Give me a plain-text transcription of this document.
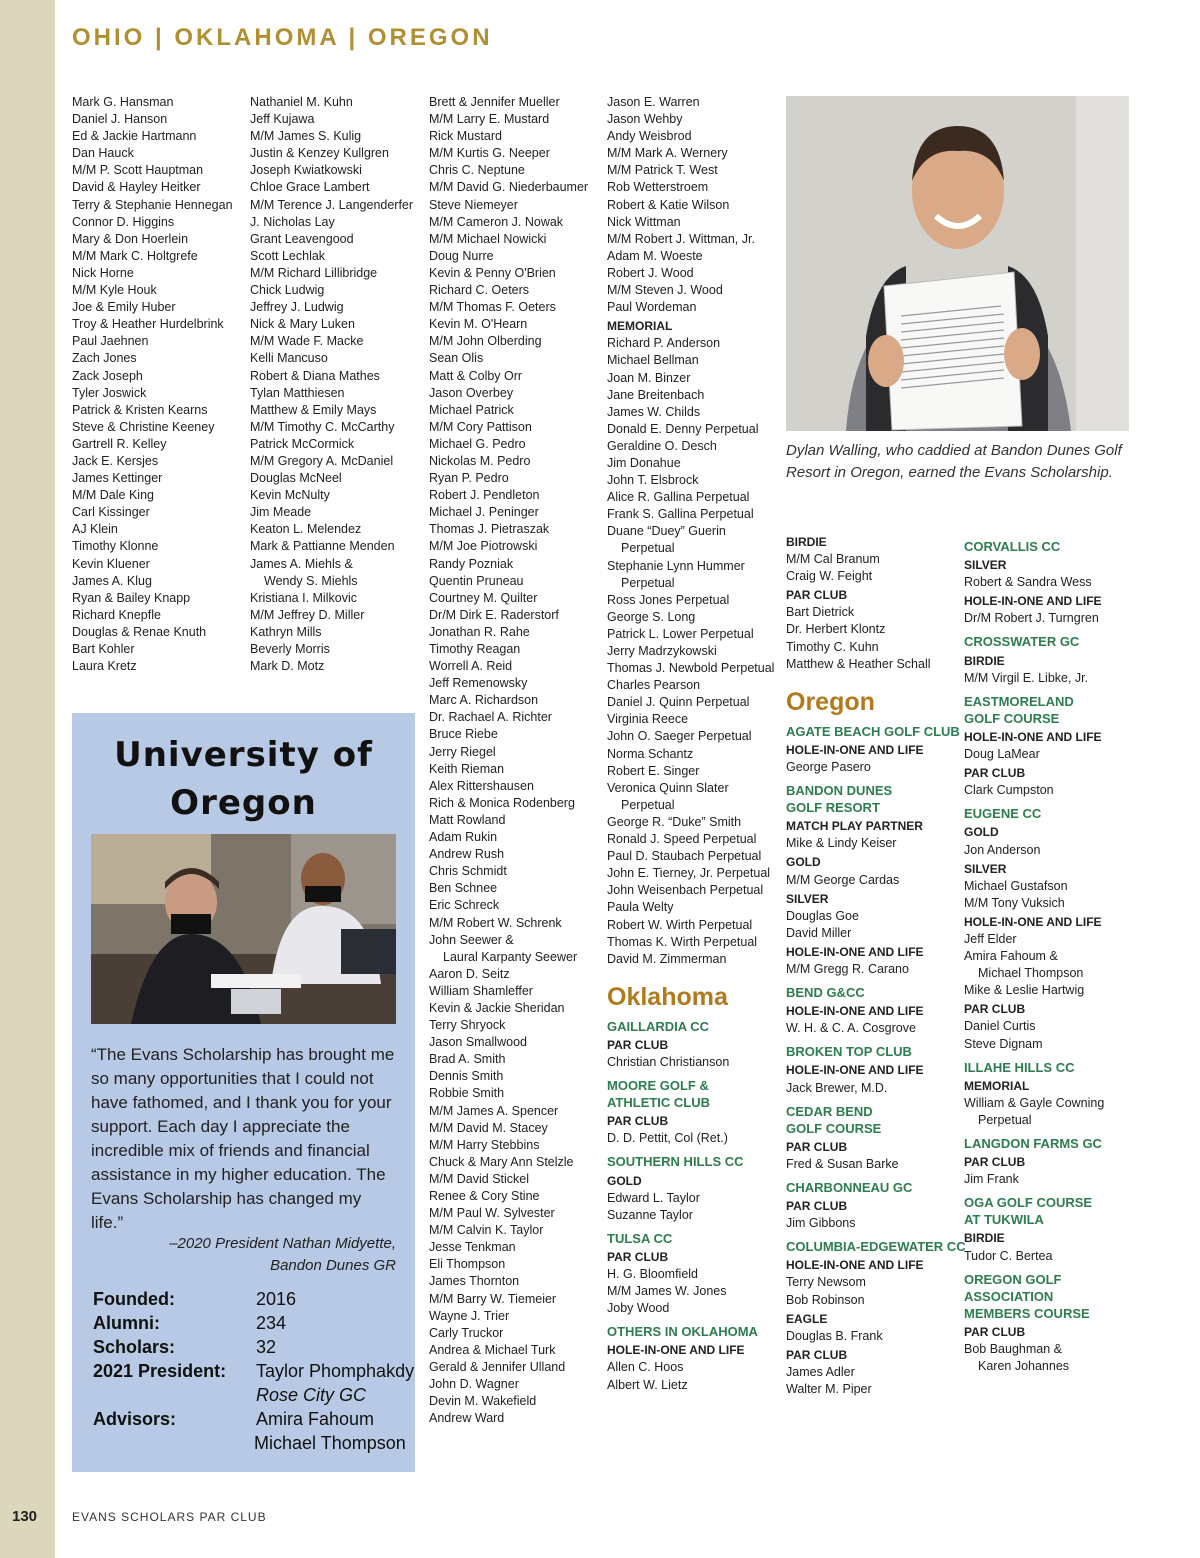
OHIO | OKLAHOMA | OREGON
Mark G. Hansman
Daniel J. Hanson
Ed & Jackie Hartmann
Dan Hauck
M/M P. Scott Hauptman
David & Hayley Heitker
Terry & Stephanie Hennegan
Connor D. Higgins
Mary & Don Hoerlein
M/M Mark C. Holtgrefe
Nick Horne
M/M Kyle Houk
Joe & Emily Huber
Troy & Heather Hurdelbrink
Paul Jaehnen
Zach Jones
Zack Joseph
Tyler Joswick
Patrick & Kristen Kearns
Steve & Christine Keeney
Gartrell R. Kelley
Jack E. Kersjes
James Kettinger
M/M Dale King
Carl Kissinger
AJ Klein
Timothy Klonne
Kevin Kluener
James A. Klug
Ryan & Bailey Knapp
Richard Knepfle
Douglas & Renae Knuth
Bart Kohler
Laura Kretz
Nathaniel M. Kuhn
Jeff Kujawa
M/M James S. Kulig
Justin & Kenzey Kullgren
Joseph Kwiatkowski
Chloe Grace Lambert
M/M Terence J. Langenderfer
J. Nicholas Lay
Grant Leavengood
Scott Lechlak
M/M Richard Lillibridge
Chick Ludwig
Jeffrey J. Ludwig
Nick & Mary Luken
M/M Wade F. Macke
Kelli Mancuso
Robert & Diana Mathes
Tylan Matthiesen
Matthew & Emily Mays
M/M Timothy C. McCarthy
Patrick McCormick
M/M Gregory A. McDaniel
Douglas McNeel
Kevin McNulty
Jim Meade
Keaton L. Melendez
Mark & Pattianne Menden
James A. Miehls &
Wendy S. Miehls
Kristiana I. Milkovic
M/M Jeffrey D. Miller
Kathryn Mills
Beverly Morris
Mark D. Motz
Brett & Jennifer Mueller
M/M Larry E. Mustard
Rick Mustard
M/M Kurtis G. Neeper
Chris C. Neptune
M/M David G. Niederbaumer
Steve Niemeyer
M/M Cameron J. Nowak
M/M Michael Nowicki
Doug Nurre
Kevin & Penny O'Brien
Richard C. Oeters
M/M Thomas F. Oeters
Kevin M. O'Hearn
M/M John Olberding
Sean Olis
Matt & Colby Orr
Jason Overbey
Michael Patrick
M/M Cory Pattison
Michael G. Pedro
Nickolas M. Pedro
Ryan P. Pedro
Robert J. Pendleton
Michael J. Peninger
Thomas J. Pietraszak
M/M Joe Piotrowski
Randy Pozniak
Quentin Pruneau
Courtney M. Quilter
Dr/M Dirk E. Raderstorf
Jonathan R. Rahe
Timothy Reagan
Worrell A. Reid
Jeff Remenowsky
Marc A. Richardson
Dr. Rachael A. Richter
Bruce Riebe
Jerry Riegel
Keith Rieman
Alex Rittershausen
Rich & Monica Rodenberg
Matt Rowland
Adam Rukin
Andrew Rush
Chris Schmidt
Ben Schnee
Eric Schreck
M/M Robert W. Schrenk
John Seewer &
Laural Karpanty Seewer
Aaron D. Seitz
William Shamleffer
Kevin & Jackie Sheridan
Terry Shryock
Jason Smallwood
Brad A. Smith
Dennis Smith
Robbie Smith
M/M James A. Spencer
M/M David M. Stacey
M/M Harry Stebbins
Chuck & Mary Ann Stelzle
M/M David Stickel
Renee & Cory Stine
M/M Paul W. Sylvester
M/M Calvin K. Taylor
Jesse Tenkman
Eli Thompson
James Thornton
M/M Barry W. Tiemeier
Wayne J. Trier
Carly Truckor
Andrea & Michael Turk
Gerald & Jennifer Ulland
John D. Wagner
Devin M. Wakefield
Andrew Ward
Jason E. Warren
Jason Wehby
Andy Weisbrod
M/M Mark A. Wernery
M/M Patrick T. West
Rob Wetterstroem
Robert & Katie Wilson
Nick Wittman
M/M Robert J. Wittman, Jr.
Adam M. Woeste
Robert J. Wood
M/M Steven J. Wood
Paul Wordeman
MEMORIAL
Richard P. Anderson
Michael Bellman
Joan M. Binzer
Jane Breitenbach
James W. Childs
Donald E. Denny Perpetual
Geraldine O. Desch
Jim Donahue
John T. Elsbrock
Alice R. Gallina Perpetual
Frank S. Gallina Perpetual
Duane “Duey” Guerin
Perpetual
Stephanie Lynn Hummer
Perpetual
Ross Jones Perpetual
George S. Long
Patrick L. Lower Perpetual
Jerry Madrzykowski
Thomas J. Newbold Perpetual
Charles Pearson
Daniel J. Quinn Perpetual
Virginia Reece
John O. Saeger Perpetual
Norma Schantz
Robert E. Singer
Veronica Quinn Slater
Perpetual
George R. “Duke” Smith
Ronald J. Speed Perpetual
Paul D. Staubach Perpetual
John E. Tierney, Jr. Perpetual
John Weisenbach Perpetual
Paula Welty
Robert W. Wirth Perpetual
Thomas K. Wirth Perpetual
David M. Zimmerman
Oklahoma
GAILLARDIA CC
PAR CLUB
Christian Christianson
MOORE GOLF &
ATHLETIC CLUB
PAR CLUB
D. D. Pettit, Col (Ret.)
SOUTHERN HILLS CC
GOLD
Edward L. Taylor
Suzanne Taylor
TULSA CC
PAR CLUB
H. G. Bloomfield
M/M James W. Jones
Joby Wood
OTHERS IN OKLAHOMA
HOLE-IN-ONE AND LIFE
Allen C. Hoos
Albert W. Lietz
BIRDIE
M/M Cal Branum
Craig W. Feight
PAR CLUB
Bart Dietrick
Dr. Herbert Klontz
Timothy C. Kuhn
Matthew & Heather Schall
Oregon
AGATE BEACH GOLF CLUB
HOLE-IN-ONE AND LIFE
George Pasero
BANDON DUNES
GOLF RESORT
MATCH PLAY PARTNER
Mike & Lindy Keiser
GOLD
M/M George Cardas
SILVER
Douglas Goe
David Miller
HOLE-IN-ONE AND LIFE
M/M Gregg R. Carano
BEND G&CC
HOLE-IN-ONE AND LIFE
W. H. & C. A. Cosgrove
BROKEN TOP CLUB
HOLE-IN-ONE AND LIFE
Jack Brewer, M.D.
CEDAR BEND
GOLF COURSE
PAR CLUB
Fred & Susan Barke
CHARBONNEAU GC
PAR CLUB
Jim Gibbons
COLUMBIA-EDGEWATER CC
HOLE-IN-ONE AND LIFE
Terry Newsom
Bob Robinson
EAGLE
Douglas B. Frank
PAR CLUB
James Adler
Walter M. Piper
CORVALLIS CC
SILVER
Robert & Sandra Wess
HOLE-IN-ONE AND LIFE
Dr/M Robert J. Turngren
CROSSWATER GC
BIRDIE
M/M Virgil E. Libke, Jr.
EASTMORELAND
GOLF COURSE
HOLE-IN-ONE AND LIFE
Doug LaMear
PAR CLUB
Clark Cumpston
EUGENE CC
GOLD
Jon Anderson
SILVER
Michael Gustafson
M/M Tony Vuksich
HOLE-IN-ONE AND LIFE
Jeff Elder
Amira Fahoum &
Michael Thompson
Mike & Leslie Hartwig
PAR CLUB
Daniel Curtis
Steve Dignam
ILLAHE HILLS CC
MEMORIAL
William & Gayle Cowning
Perpetual
LANGDON FARMS GC
PAR CLUB
Jim Frank
OGA GOLF COURSE
AT TUKWILA
BIRDIE
Tudor C. Bertea
OREGON GOLF
ASSOCIATION
MEMBERS COURSE
PAR CLUB
Bob Baughman &
Karen Johannes
University of
Oregon
“The Evans Scholarship has brought me so many opportunities that I could not have fathomed, and I thank you for your support. Each day I appreciate the incredible mix of friends and financial assistance in my higher education. The Evans Scholarship has changed my life.”
–2020 President Nathan Midyette,
Bandon Dunes GR
Founded:	2016
Alumni:	234
Scholars:	32
2021 President: Taylor Phomphakdy
Rose City GC
Advisors:	Amira Fahoum
Michael Thompson
Dylan Walling, who caddied at Bandon Dunes Golf Resort in Oregon, earned the Evans Scholarship.
130	EVANS SCHOLARS PAR CLUB
